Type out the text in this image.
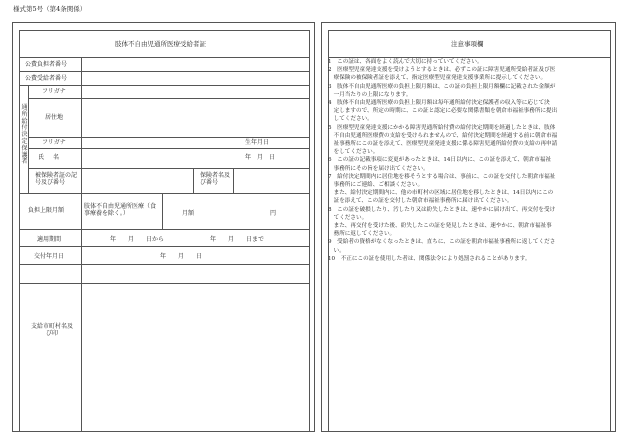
様式第5号（第4条関係）
肢体不自由児通所医療受給者証
公費負担者番号
公費受給者番号
通所給付決定保護者
フリガナ
居住地
フリガナ	生年月日
氏名	年　月　日
被保険者証の記号及び番号
保険者名及び番号
負担上限月額
肢体不自由児通所医療（食事療養を除く。）	月額	円
適用期間	年　　月　　日から	年　　月　　日まで
交付年月日	年　　月　　日
支給市町村名及び印
注意事項欄
1　この証は、各面をよく読んで大切に持っていてください。
2　医療型児童発達支援を受けようとするときは、必ずこの証に障害児通所受給者証及び医
　療保険の被保険者証を添えて、指定医療型児童発達支援事業所に提示してください。
3　肢体不自由児通所医療の負担上限月額は、この証の負担上限月額欄に記載された金額が
　一月当たりの上限になります。
4　肢体不自由児通所医療の負担上限月額は毎年通所給付決定保護者の収入等に応じて決
　定しますので、所定の時期に、この証と認定に必要な関係書類を朝倉市福祉事務所に提出
　してください。
5　医療型児童発達支援にかかる障害児通所給付費の給付決定期間を経過したときは、肢体
　不自由児通所医療費の支給を受けられませんので、給付決定期間を経過する前に朝倉市福
　祉事務所にこの証を添えて、医療型児童発達支援に係る障害児通所給付費の支給の再申請
　をしてください。
6　この証の記載事項に変更があったときは、14日以内に、この証を添えて、朝倉市福祉
　事務所にその旨を届け出てください。
7　給付決定期間内に居住地を移そうとする場合は、事前に、この証を交付した朝倉市福祉
　事務所にご連絡、ご相談ください。
　また、給付決定期間内に、他の市町村の区域に居住地を移したときは、14日以内にこの
　証を添えて、この証を交付した朝倉市福祉事務所に届け出てください。
8　この証を破損したり、汚したり又は紛失したときは、速やかに届け出て、再交付を受け
　てください。
　また、再交付を受けた後、紛失したこの証を発見したときは、速やかに、朝倉市福祉事
　務所に返してください。
9　受給者の資格がなくなったときは、直ちに、この証を朝倉市福祉事務所に返してくださ
　い。
10　不正にこの証を使用した者は、関係法令により処罰されることがあります。
